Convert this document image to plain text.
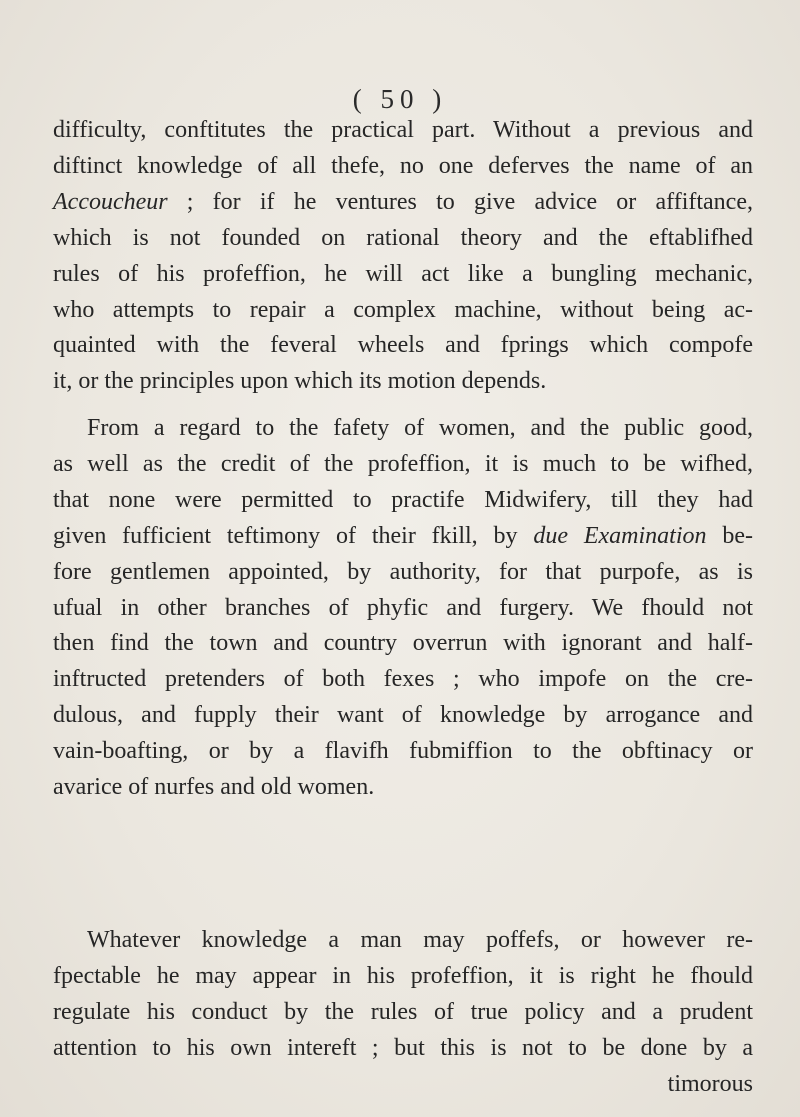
( 50 )
difficulty, conftitutes the practical part. Without a previous and
diftinct knowledge of all thefe, no one deferves the name of an
Accoucheur ; for if he ventures to give advice or affiftance,
which is not founded on rational theory and the eftablifhed
rules of his profeffion, he will act like a bungling mechanic,
who attempts to repair a complex machine, without being ac-
quainted with the feveral wheels and fprings which compofe
it, or the principles upon which its motion depends.
From a regard to the fafety of women, and the public good,
as well as the credit of the profeffion, it is much to be wifhed,
that none were permitted to practife Midwifery, till they had
given fufficient teftimony of their fkill, by due Examination be-
fore gentlemen appointed, by authority, for that purpofe, as is
ufual in other branches of phyfic and furgery. We fhould not
then find the town and country overrun with ignorant and half-
inftructed pretenders of both fexes ; who impofe on the cre-
dulous, and fupply their want of knowledge by arrogance and
vain-boafting, or by a flavifh fubmiffion to the obftinacy or
avarice of nurfes and old women.
Whatever knowledge a man may poffefs, or however re-
fpectable he may appear in his profeffion, it is right he fhould
regulate his conduct by the rules of true policy and a prudent
attention to his own intereft ; but this is not to be done by a
timorous
